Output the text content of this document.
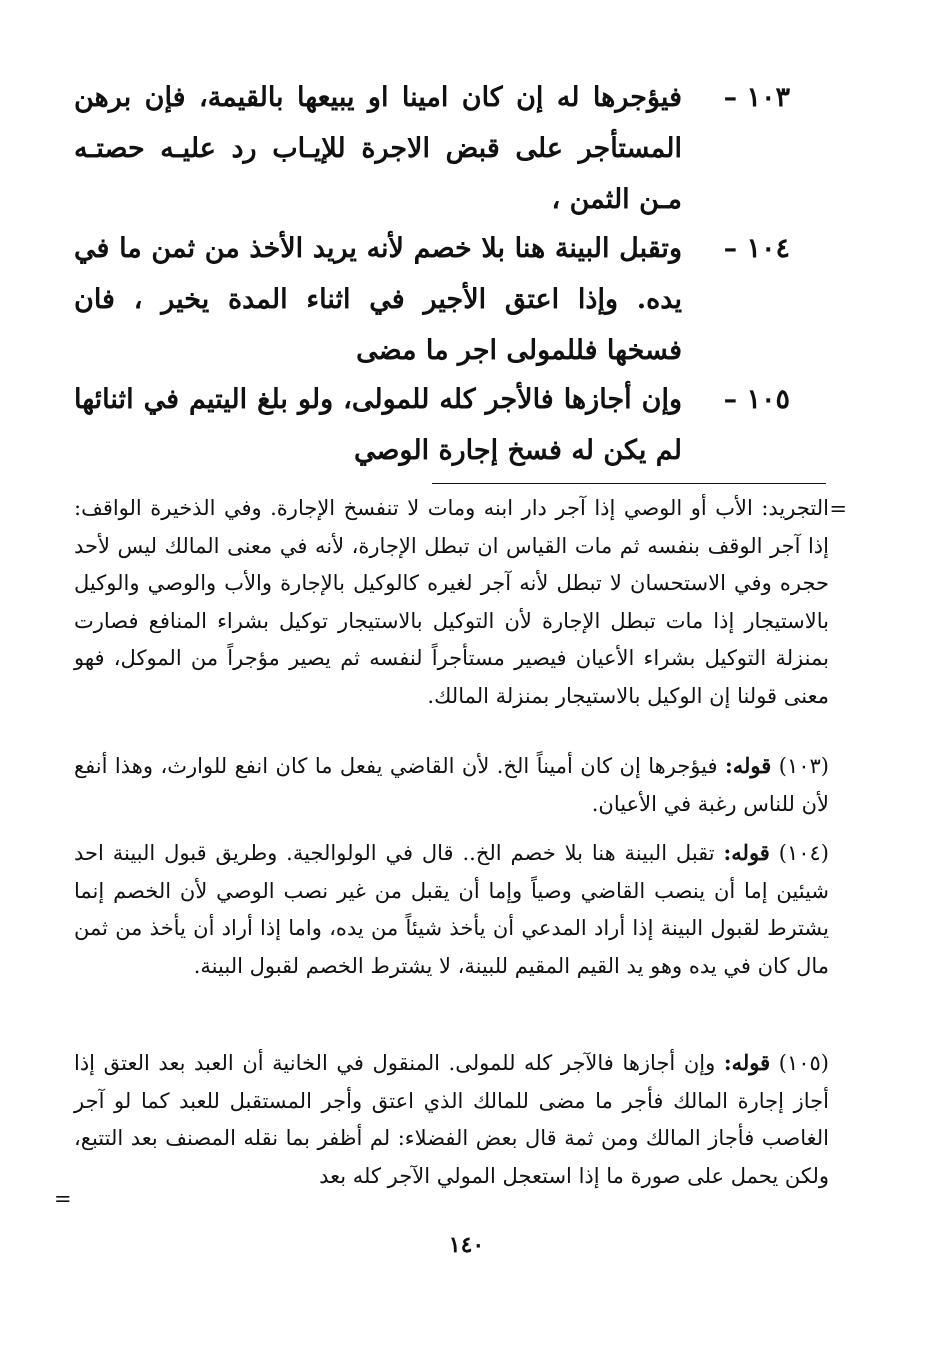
١٠٣ –
فيؤجرها له إن كان امينا او يبيعها بالقيمة، فإن برهن المستأجر على قبض الاجرة للإيـاب رد عليـه حصتـه مـن الثمن ،
١٠٤ –
وتقبل البينة هنا بلا خصم لأنه يريد الأخذ من ثمن ما في يده. وإذا اعتق الأجير في اثناء المدة يخير ، فان فسخها فللمولى اجر ما مضى
١٠٥ –
وإن أجازها فالأجر كله للمولى، ولو بلغ اليتيم في اثنائها لم يكن له فسخ إجارة الوصي
=
التجريد: الأب أو الوصي إذا آجر دار ابنه ومات لا تنفسخ الإجارة. وفي الذخيرة الواقف: إذا آجر الوقف بنفسه ثم مات القياس ان تبطل الإجارة، لأنه في معنى المالك ليس لأحد حجره وفي الاستحسان لا تبطل لأنه آجر لغيره كالوكيل بالإجارة والأب والوصي والوكيل بالاستيجار إذا مات تبطل الإجارة لأن التوكيل بالاستيجار توكيل بشراء المنافع فصارت بمنزلة التوكيل بشراء الأعيان فيصير مستأجراً لنفسه ثم يصير مؤجراً من الموكل، فهو معنى قولنا إن الوكيل بالاستيجار بمنزلة المالك.
(١٠٣) قوله: فيؤجرها إن كان أميناً الخ. لأن القاضي يفعل ما كان انفع للوارث، وهذا أنفع لأن للناس رغبة في الأعيان.
(١٠٤) قوله: تقبل البينة هنا بلا خصم الخ.. قال في الولوالجية. وطريق قبول البينة احد شيئين إما أن ينصب القاضي وصياً وإما أن يقبل من غير نصب الوصي لأن الخصم إنما يشترط لقبول البينة إذا أراد المدعي أن يأخذ شيئاً من يده، واما إذا أراد أن يأخذ من ثمن مال كان في يده وهو يد القيم المقيم للبينة، لا يشترط الخصم لقبول البينة.
(١٠٥) قوله: وإن أجازها فالآجر كله للمولى. المنقول في الخانية أن العبد بعد العتق إذا أجاز إجارة المالك فأجر ما مضى للمالك الذي اعتق وأجر المستقبل للعبد كما لو آجر الغاصب فأجاز المالك ومن ثمة قال بعض الفضلاء: لم أظفر بما نقله المصنف بعد التتبع، ولكن يحمل على صورة ما إذا استعجل المولي الآجر كله بعد
=
١٤٠
